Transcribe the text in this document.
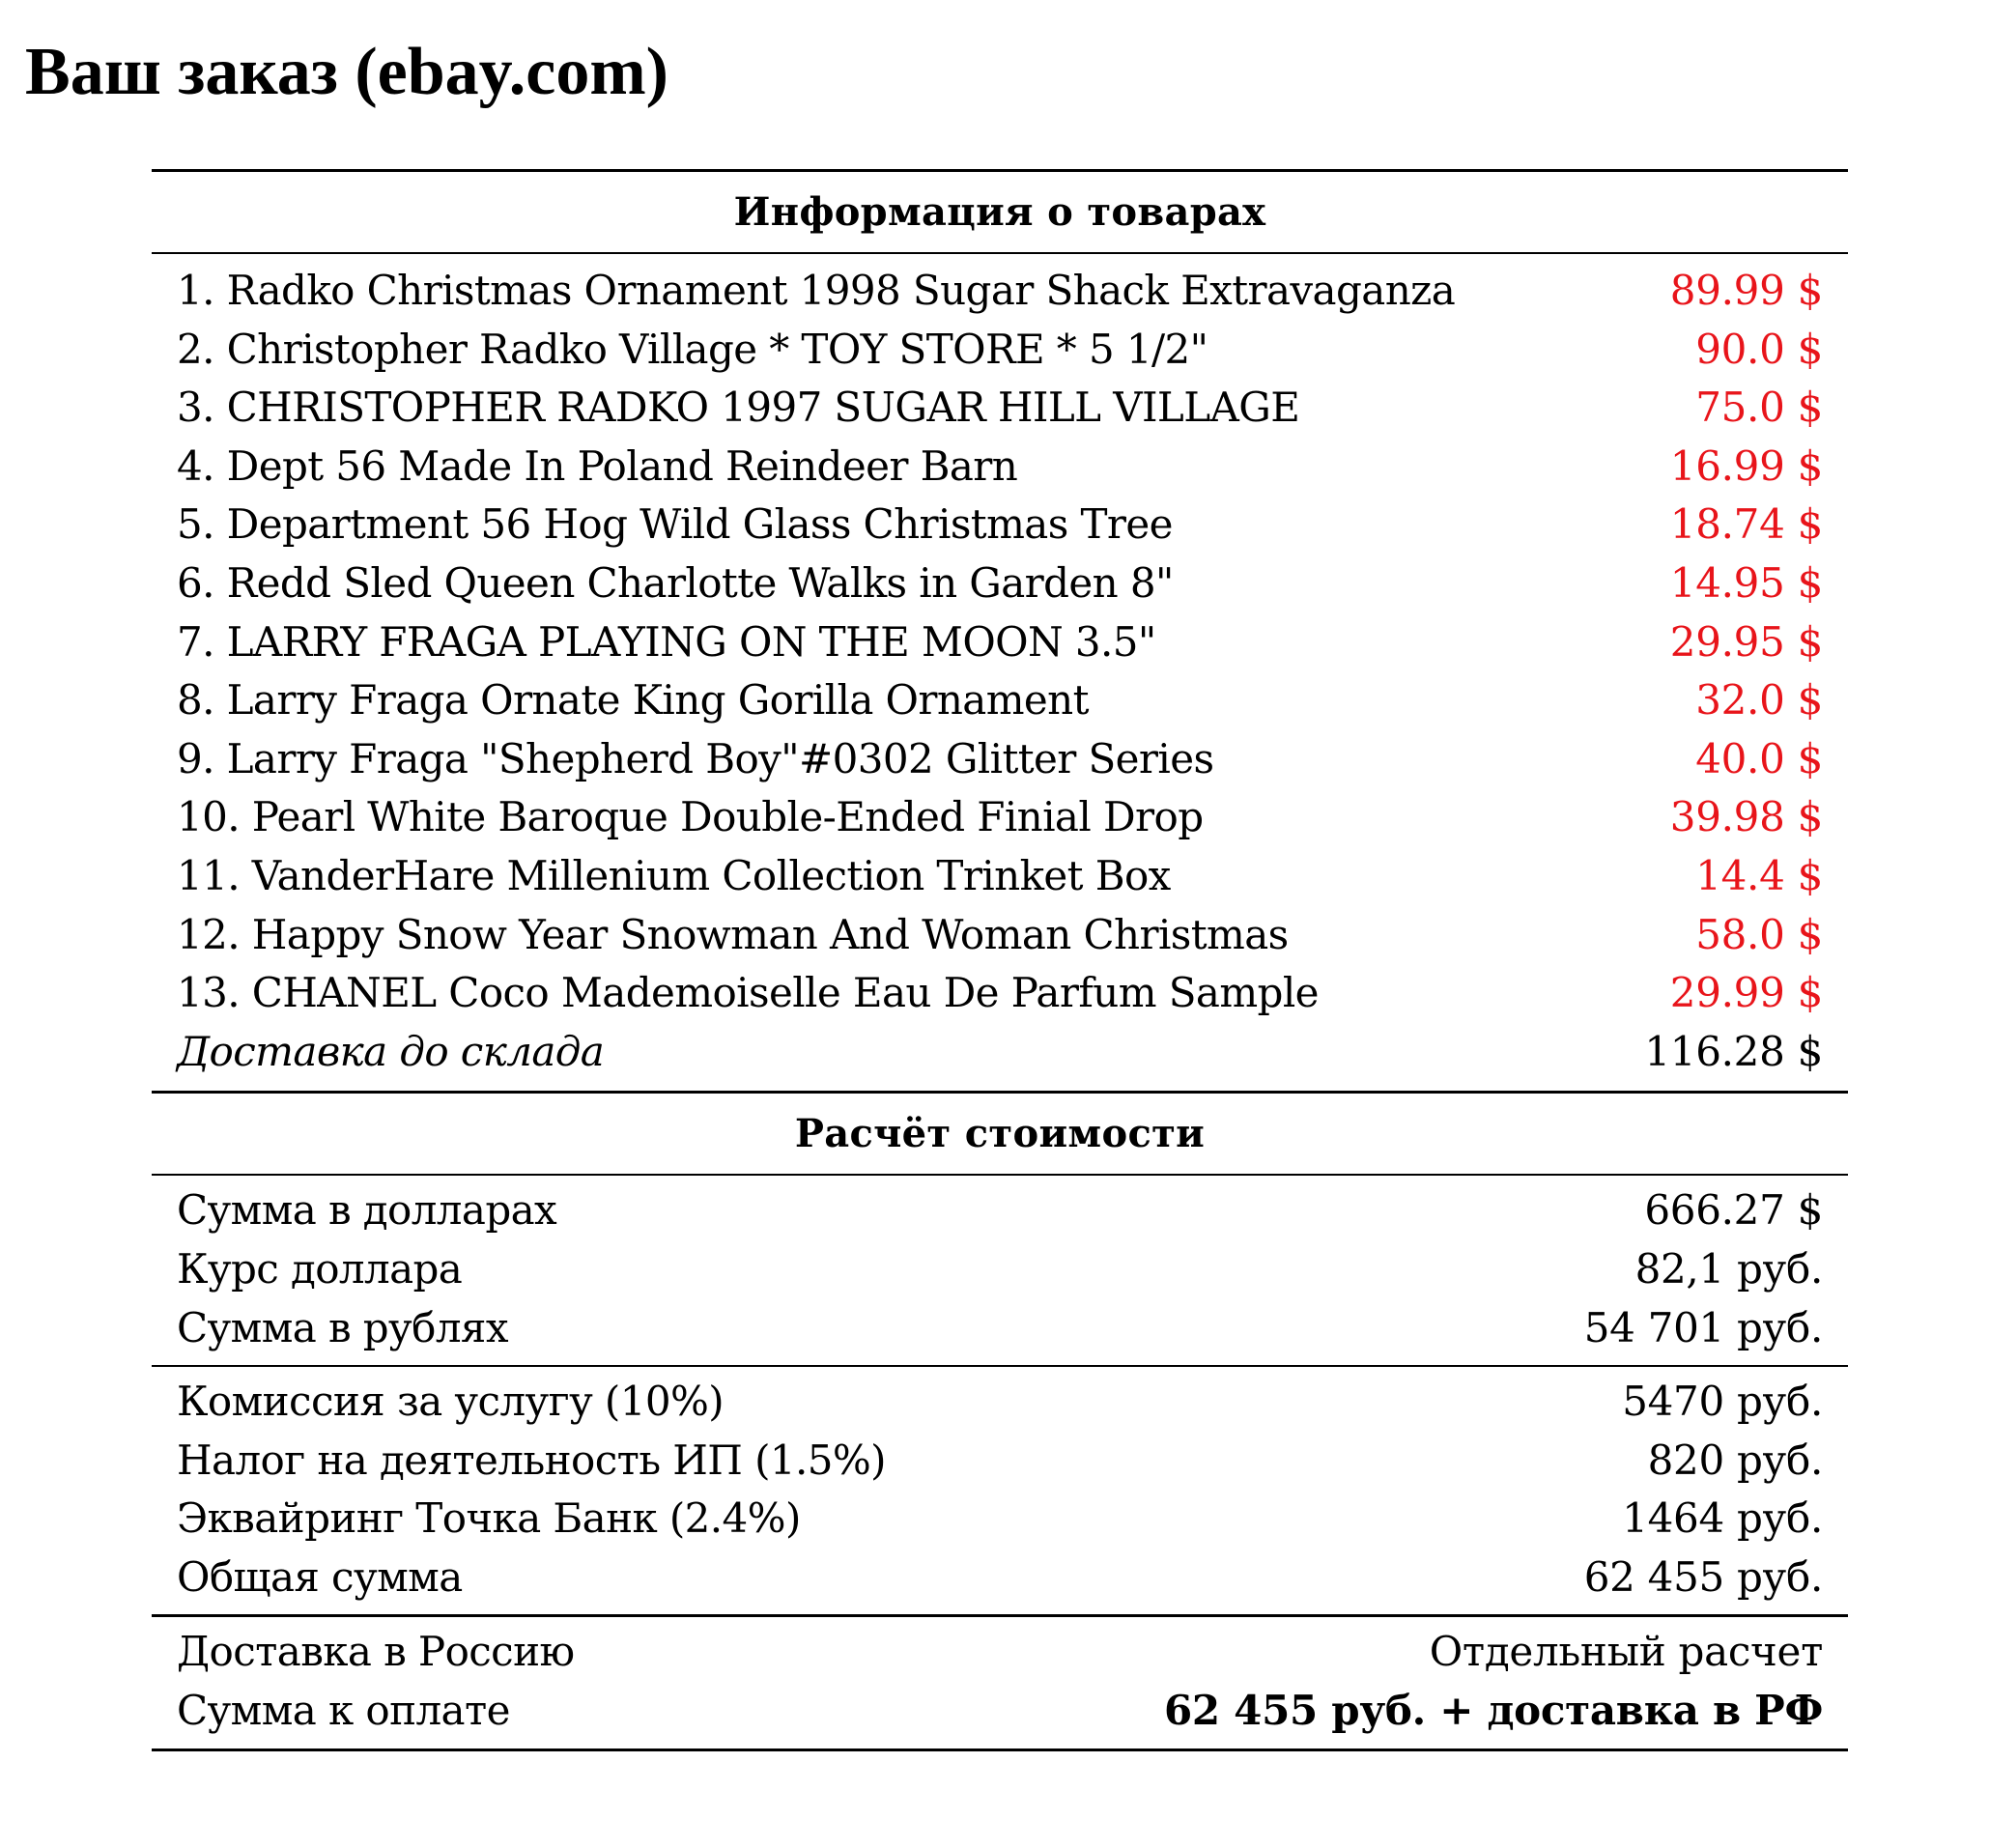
Ваш заказ (ebay.com)
Информация о товарах
1. Radko Christmas Ornament 1998 Sugar Shack Extravaganza	89.99 $
2. Christopher Radko Village * TOY STORE * 5 1/2"	90.0 $
3. CHRISTOPHER RADKO 1997 SUGAR HILL VILLAGE	75.0 $
4. Dept 56 Made In Poland Reindeer Barn	16.99 $
5. Department 56 Hog Wild Glass Christmas Tree	18.74 $
6. Redd Sled Queen Charlotte Walks in Garden 8"	14.95 $
7. LARRY FRAGA PLAYING ON THE MOON 3.5"	29.95 $
8. Larry Fraga Ornate King Gorilla Ornament	32.0 $
9. Larry Fraga "Shepherd Boy"#0302 Glitter Series	40.0 $
10. Pearl White Baroque Double-Ended Finial Drop	39.98 $
11. VanderHare Millenium Collection Trinket Box	14.4 $
12. Happy Snow Year Snowman And Woman Christmas	58.0 $
13. CHANEL Coco Mademoiselle Eau De Parfum Sample	29.99 $
Доставка до склада	116.28 $
Расчёт стоимости
Сумма в долларах	666.27 $
Курс доллара	82,1 руб.
Сумма в рублях	54 701 руб.
Комиссия за услугу (10%)	5470 руб.
Налог на деятельность ИП (1.5%)	820 руб.
Эквайринг Точка Банк (2.4%)	1464 руб.
Общая сумма	62 455 руб.
Доставка в Россию	Отдельный расчет
Сумма к оплате	62 455 руб. + доставка в РФ
